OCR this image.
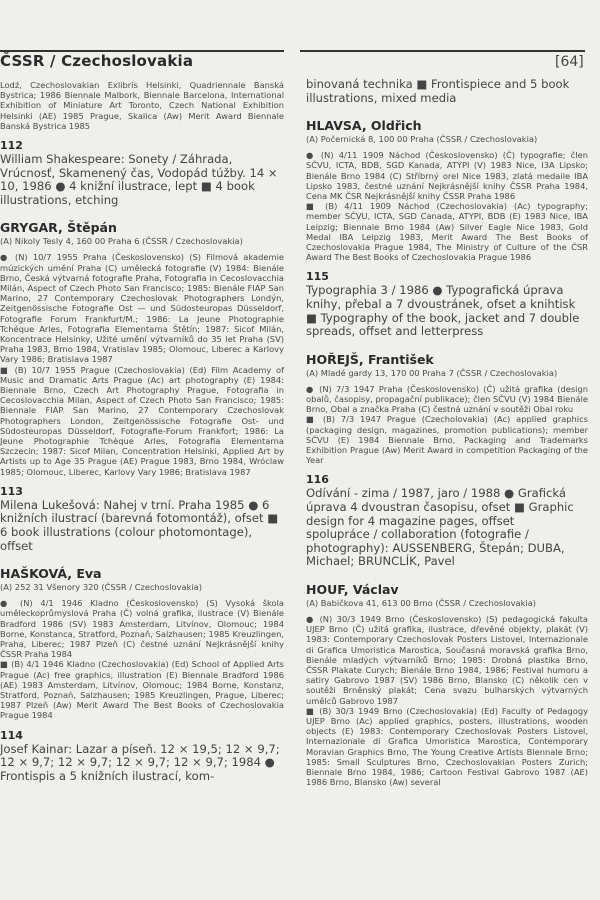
ČSSR / Czechoslovakia	[64]

Lodź, Czechoslovakian Exlibris Helsinki, Quadriennale Banská Bystrica; 1986 Biennale Malbork, Biennale Barcelona, International Exhibition of Miniature Art Toronto, Czech National Exhibition Helsinki (AE) 1985 Prague, Skalica (Aw) Merit Award Biennale Banská Bystrica 1985

112

William Shakespeare: Sonety / Záhrada, Vrúcnosť, Skamenený čas, Vodopád túžby. 14 × 10, 1986 ● 4 knižní ilustrace, lept ■ 4 book illustrations, etching

GRYGAR, Štěpán

(A) Nikoly Tesly 4, 160 00 Praha 6 (ČSSR / Czechoslovakia)

● (N) 10/7 1955 Praha (Československo) (S) Filmová akademie múzických umění Praha (C) umělecká fotografie (V) 1984: Bienále Brno, Česká výtvarná fotografie Praha, Fotografia in Cecoslovacchia Milán, Aspect of Czech Photo San Francisco; 1985: Bienále FIAP San Marino, 27 Contemporary Czechoslovak Photographers Londýn, Zeitgenössische Fotografie Ost — und Südosteuropas Düsseldorf, Fotografie Forum Frankfurt/M.; 1986: La Jeune Photographie Tchéque Arles, Fotografia Elementarna Štětín; 1987: Sicof Milán, Koncentrace Helsinky, Užité umění výtvarníků do 35 let Praha (SV) Praha 1983, Brno 1984, Vratislav 1985; Olomouc, Liberec a Karlovy Vary 1986; Bratislava 1987

■ (B) 10/7 1955 Prague (Czechoslovakia) (Ed) Film Academy of Music and Dramatic Arts Prague (Ac) art photography (E) 1984: Biennale Brno, Czech Art Photography Prague, Fotografia in Cecoslovacchia Milan, Aspect of Czech Photo San Francisco; 1985: Biennale FIAP San Marino, 27 Contemporary Czechoslovak Photographers London, Zeitgenössische Fotografie Ost- und Südosteuropas Düsseldorf, Fotografie-Forum Frankfort; 1986: La Jeune Photographie Tchèque Arles, Fotografia Elementarna Szczecin; 1987: Sicof Milan, Concentration Helsinki, Applied Art by Artists up to Age 35 Prague (AE) Prague 1983, Brno 1984, Wróclaw 1985; Olomouc, Liberec, Karlovy Vary 1986; Bratislava 1987

113

Milena Lukešová: Nahej v trní. Praha 1985 ● 6 knižních ilustrací (barevná fotomontáž), ofset ■ 6 book illustrations (colour photomontage), offset

HAŠKOVÁ, Eva

(A) 252 31 Všenory 320 (ČSSR / Czechoslovakia)

● (N) 4/1 1946 Kladno (Československo) (S) Vysoká škola uměleckoprůmyslová Praha (Č) volná grafika, ilustrace (V) Bienále Bradford 1986 (SV) 1983 Amsterdam, Litvínov, Olomouc; 1984 Borne, Konstanca, Stratford, Poznaň, Salzhausen; 1985 Kreuzlingen, Praha, Liberec; 1987 Plzeň (C) čestné uznání Nejkrásnější knihy ČSSR Praha 1984

■ (B) 4/1 1946 Kladno (Czechoslovakia) (Ed) School of Applied Arts Prague (Ac) free graphics, illustration (E) Biennale Bradford 1986 (AE) 1983 Amsterdam, Litvínov, Olomouc; 1984 Borne, Konstanz, Stratford, Poznań, Salzhausen; 1985 Kreuzlingen, Prague, Liberec; 1987 Plzeň (Aw) Merit Award The Best Books of Czechoslovakia Prague 1984

114

Josef Kainar: Lazar a píseň. 12 × 19,5; 12 × 9,7; 12 × 9,7; 12 × 9,7; 12 × 9,7; 12 × 9,7; 1984 ● Frontispis a 5 knižních ilustrací, kom-

binovaná technika ■ Frontispiece and 5 book illustrations, mixed media

HLAVSA, Oldřich

(A) Počernická 8, 100 00 Praha (ČSSR / Czechoslovakia)

● (N) 4/11 1909 Náchod (Československo) (Č) typografie; člen SČVU, ICTA, BDB, SGD Kanada, ATYPI (V) 1983 Nice, I3A Lipsko; Bienále Brno 1984 (C) Stříbrný orel Nice 1983, zlatá medaile IBA Lipsko 1983, čestné uznání Nejkrásnější knihy ČSSR Praha 1984, Cena MK ČSR Nejkrásnější knihy ČSSR Praha 1986

■ (B) 4/11 1909 Náchod (Czechoslovakia) (Ac) typography; member SČVU, ICTA, SGD Canada, ATYPI, BDB (E) 1983 Nice, IBA Leipzig; Biennale Brno 1984 (Aw) Silver Eagle Nice 1983, Gold Medal IBA Leipzig 1983, Merit Award The Best Books of Czechoslovakia Prague 1984, The Ministry of Culture of the ČSR Award The Best Books of Czechoslovakia Prague 1986

115

Typographia 3 / 1986 ● Typografická úprava knihy, přebal a 7 dvoustránek, ofset a knihtisk ■ Typography of the book, jacket and 7 double spreads, offset and letterpress

HOŘEJŠ, František

(A) Mladé gardy 13, 170 00 Praha 7 (ČSSR / Czechoslovakia)

● (N) 7/3 1947 Praha (Československo) (Č) užitá grafika (design obalů, časopisy, propagační publikace); člen SČVU (V) 1984 Bienále Brno, Obal a značka Praha (C) čestná uznání v soutěži Obal roku

■ (B) 7/3 1947 Prague (Czecholovakia) (Ac) applied graphics (packaging design, magazines, promotion publications); member SČVU (E) 1984 Biennale Brno, Packaging and Trademarks Exhibition Prague (Aw) Merit Award in competition Packaging of the Year

116

Odívání - zima / 1987, jaro / 1988 ● Grafická úprava 4 dvoustran časopisu, ofset ■ Graphic design for 4 magazine pages, offset

spolupráce / collaboration (fotografie / photography): AUSSENBERG, Štepán; DUBA, Michael; BRUNCLÍK, Pavel

HOUF, Václav

(A) Babičkova 41, 613 00 Brno (ČSSR / Czechoslovakia)

● (N) 30/3 1949 Brno (Československo) (S) pedagogická fakulta UJEP Brno (Č) užitá grafika, ilustrace, dřevěné objekty, plakát (V) 1983: Contemporary Czechoslovak Posters Listovel, Internazionale di Grafica Umoristica Marostica, Současná moravská grafika Brno, Bienále mladých výtvarníků Brno; 1985: Drobná plastika Brno, ČSSR Plakate Curych; Bienále Brno 1984, 1986; Festival humoru a satiry Gabrovo 1987 (SV) 1986 Brno, Blansko (C) několik cen v soutěži Brněnský plakát; Cena svazu bulharských výtvarných umělců Gabrovo 1987

■ (B) 30/3 1949 Brno (Czechoslovakia) (Ed) Faculty of Pedagogy UJEP Brno (Ac) applied graphics, posters, illustrations, wooden objects (E) 1983: Contemporary Czechoslovak Posters Listovel, Internazionale di Grafica Umoristica Marostica, Contemporary Moravian Graphics Brno, The Young Creative Artists Biennale Brno; 1985: Small Sculptures Brno, Czechoslovakian Posters Zurich; Biennale Brno 1984, 1986; Cartoon Festival Gabrovo 1987 (AE) 1986 Brno, Blansko (Aw) several
